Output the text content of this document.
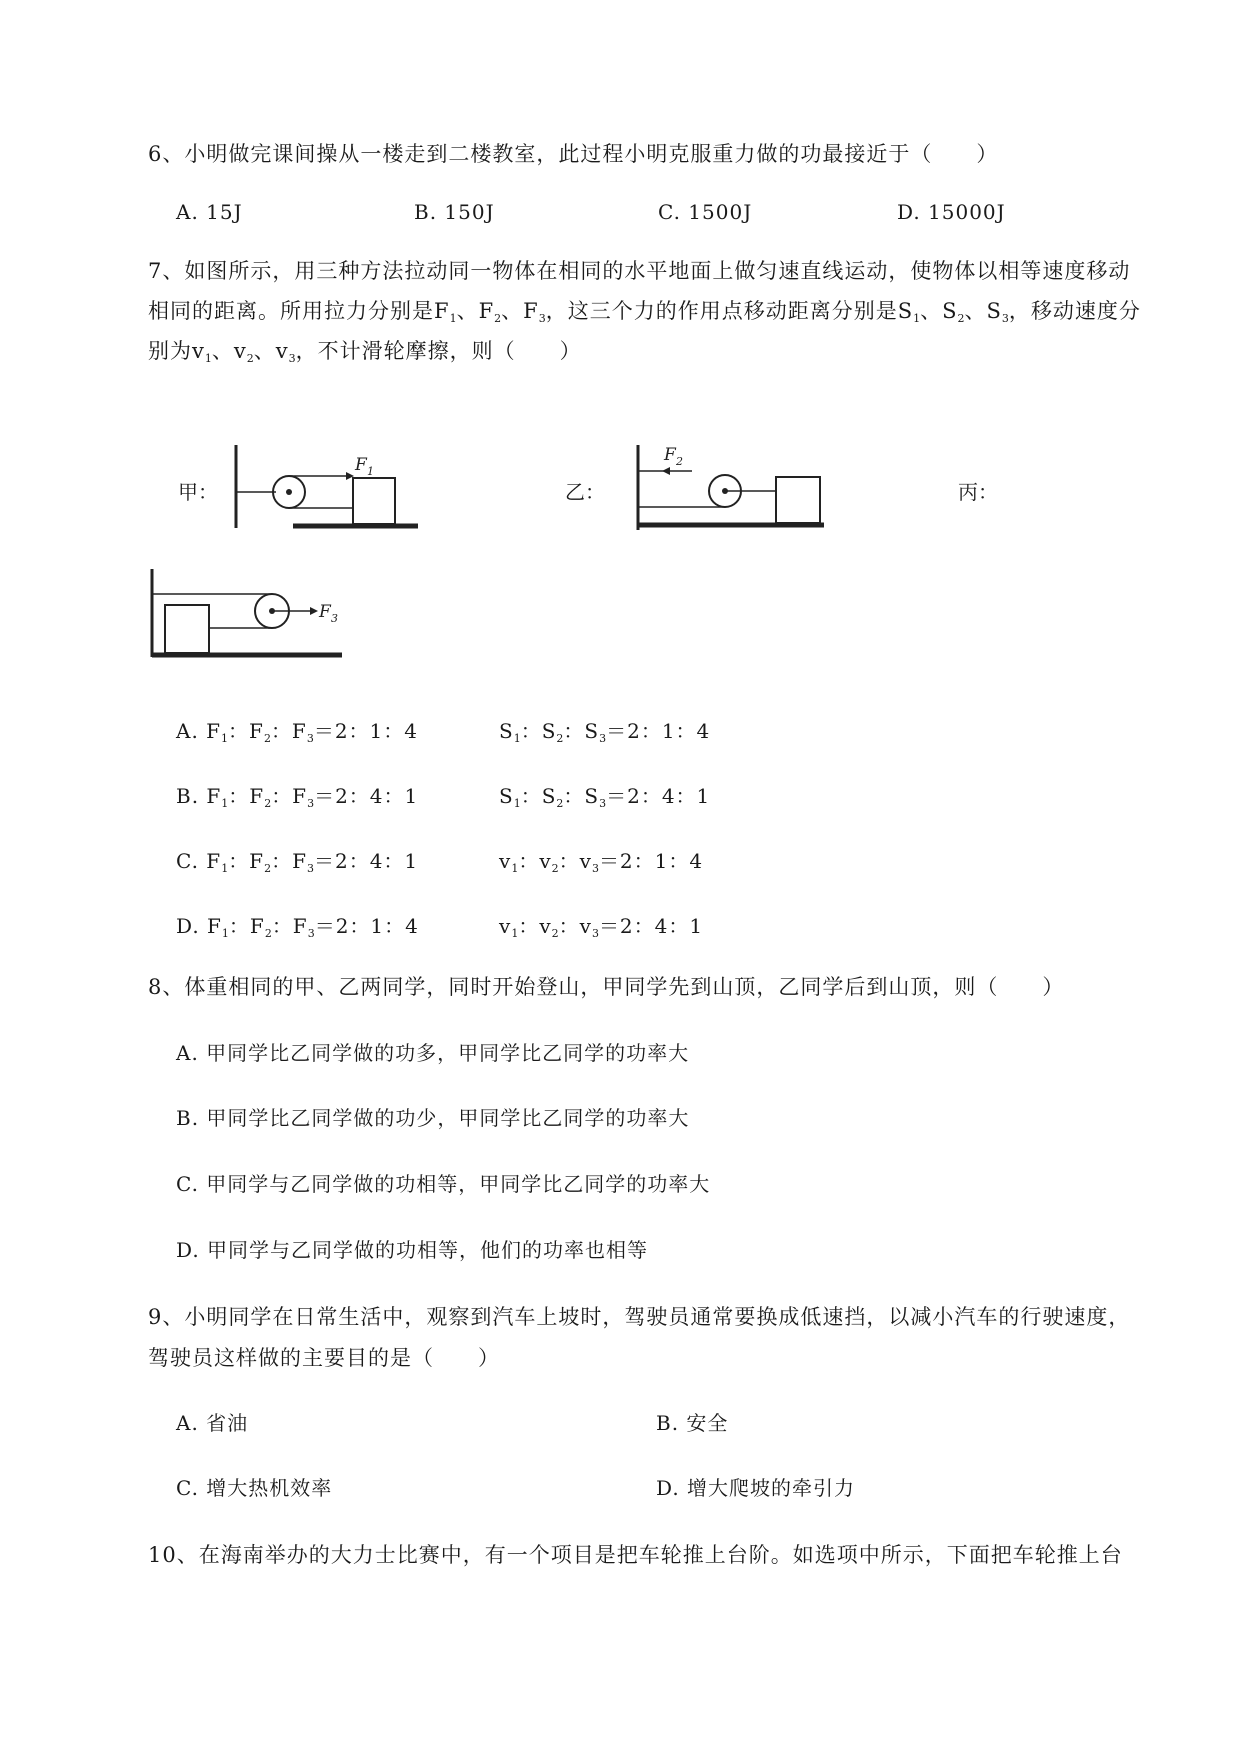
6、小明做完课间操从一楼走到二楼教室，此过程小明克服重力做的功最接近于（　　）
A. 15J	B. 150J	C. 1500J	D. 15000J
7、如图所示，用三种方法拉动同一物体在相同的水平地面上做匀速直线运动，使物体以相等速度移动
相同的距离。所用拉力分别是$F_1$、$F_2$、$F_3$，这三个力的作用点移动距离分别是$S_1$、$S_2$、$S_3$，移动速度分
别为$v_1$、$v_2$、$v_3$，不计滑轮摩擦，则（　　）
甲：	乙：	丙：
F 1
F 2
F 3
A. $F_1$：$F_2$：$F_3=2$：1：4	$S_1$：$S_2$：$S_3=2$：1：4
B. $F_1$：$F_2$：$F_3=2$：4：1	$S_1$：$S_2$：$S_3=2$：4：1
C. $F_1$：$F_2$：$F_3=2$：4：1	$v_1$：$v_2$：$v_3=2$：1：4
D. $F_1$：$F_2$：$F_3=2$：1：4	$v_1$：$v_2$：$v_3=2$：4：1
8、体重相同的甲、乙两同学，同时开始登山，甲同学先到山顶，乙同学后到山顶，则（　　）
A. 甲同学比乙同学做的功多，甲同学比乙同学的功率大
B. 甲同学比乙同学做的功少，甲同学比乙同学的功率大
C. 甲同学与乙同学做的功相等，甲同学比乙同学的功率大
D. 甲同学与乙同学做的功相等，他们的功率也相等
9、小明同学在日常生活中，观察到汽车上坡时，驾驶员通常要换成低速挡，以减小汽车的行驶速度，
驾驶员这样做的主要目的是（　　）
A. 省油	B. 安全
C. 增大热机效率	D. 增大爬坡的牵引力
10、在海南举办的大力士比赛中，有一个项目是把车轮推上台阶。如选项中所示，下面把车轮推上台
